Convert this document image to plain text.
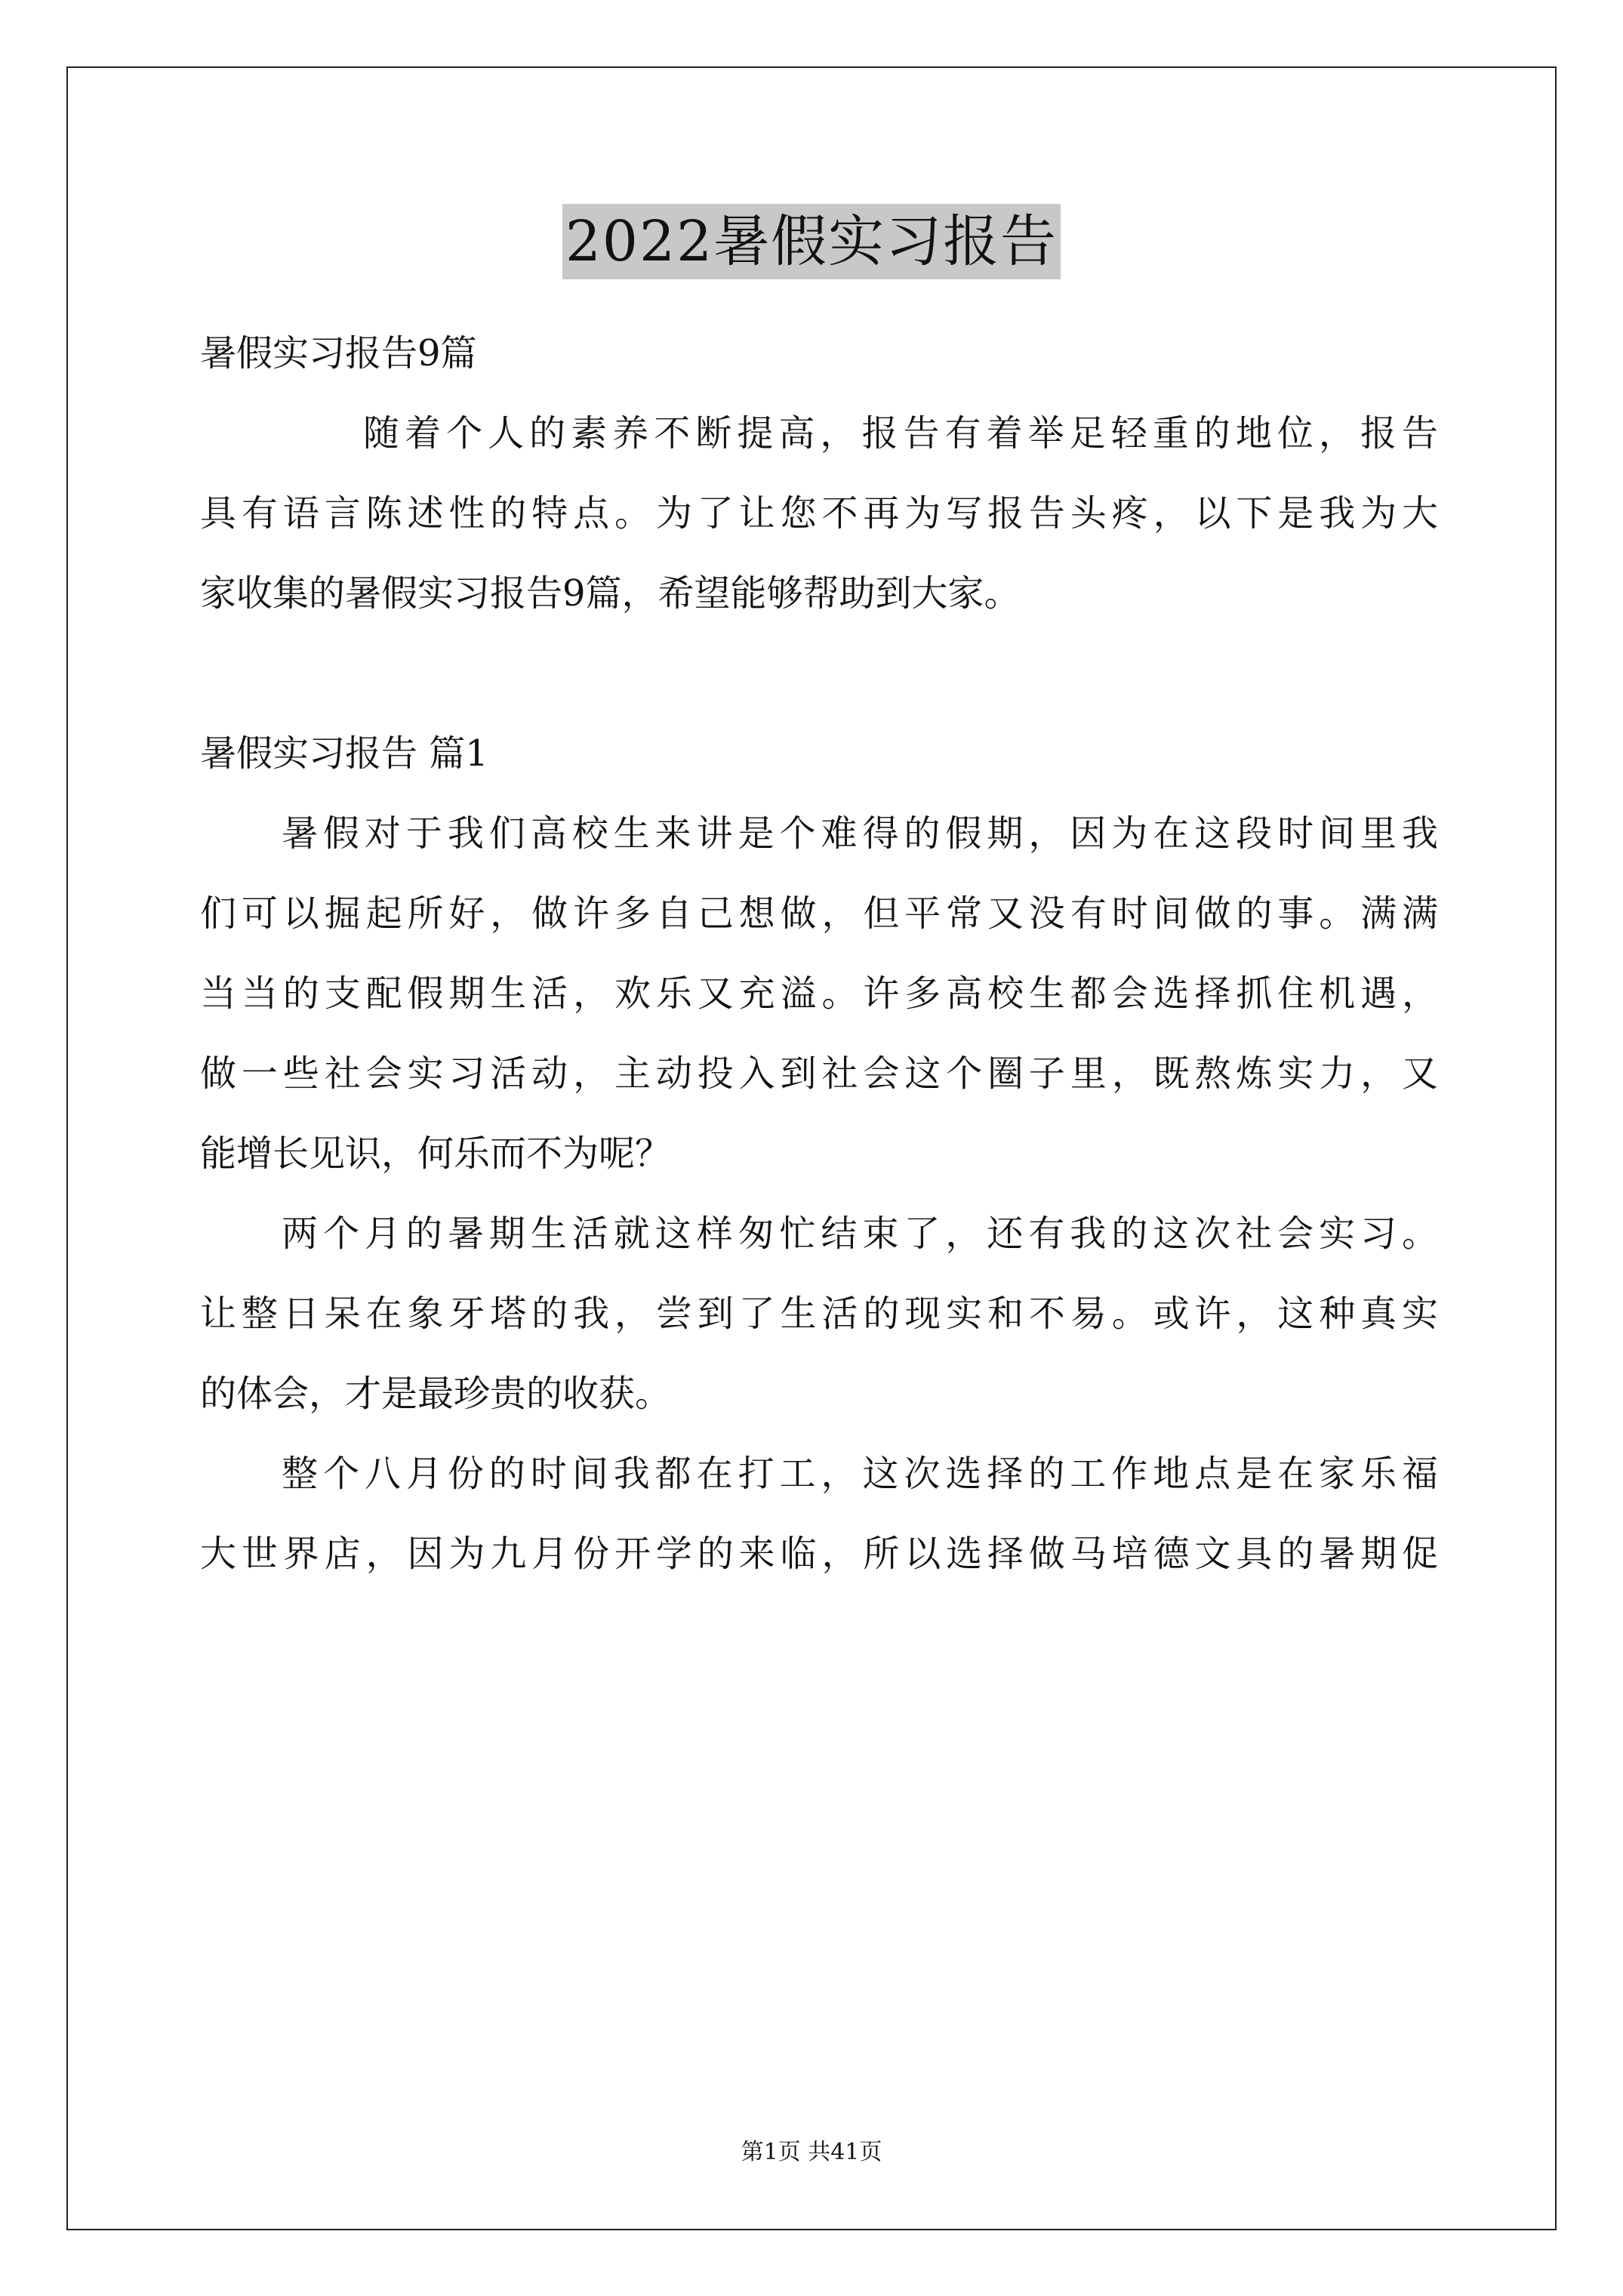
2022暑假实习报告
暑假实习报告9篇
随着个人的素养不断提高，报告有着举足轻重的地位，报告
具有语言陈述性的特点。为了让您不再为写报告头疼，以下是我为大
家收集的暑假实习报告9篇，希望能够帮助到大家。
暑假实习报告 篇1
暑假对于我们高校生来讲是个难得的假期，因为在这段时间里我
们可以掘起所好，做许多自己想做，但平常又没有时间做的事。满满
当当的支配假期生活，欢乐又充溢。许多高校生都会选择抓住机遇，
做一些社会实习活动，主动投入到社会这个圈子里，既熬炼实力，又
能增长见识，何乐而不为呢？
两个月的暑期生活就这样匆忙结束了，还有我的这次社会实习。
让整日呆在象牙塔的我，尝到了生活的现实和不易。或许，这种真实
的体会，才是最珍贵的收获。
整个八月份的时间我都在打工，这次选择的工作地点是在家乐福
大世界店，因为九月份开学的来临，所以选择做马培德文具的暑期促
第1页 共41页
